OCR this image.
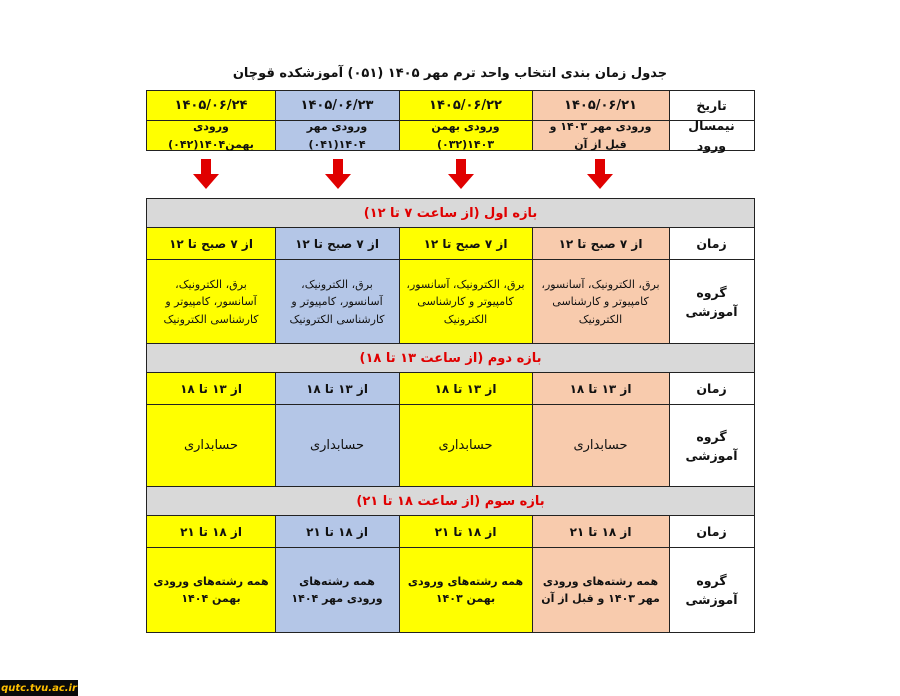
جدول زمان بندی انتخاب واحد ترم مهر ۱۴۰۵ (۰۵۱) آموزشکده قوچان
تاریخ
نیمسال ورود
۱۴۰۵/۰۶/۲۱
ورودی مهر ۱۴۰۳ و قبل از آن
۱۴۰۵/۰۶/۲۲
ورودی بهمن ۱۴۰۳(۰۳۲)
۱۴۰۵/۰۶/۲۳
ورودی مهر ۱۴۰۴(۰۴۱)
۱۴۰۵/۰۶/۲۴
ورودی بهمن۱۴۰۴(۰۴۲)
بازه اول (از ساعت ۷ تا ۱۲)
زمان
از ۷ صبح تا ۱۲
از ۷ صبح تا ۱۲
از ۷ صبح تا ۱۲
از ۷ صبح تا ۱۲
گروه آموزشی
برق، الکترونیک، آسانسور، کامپیوتر و کارشناسی الکترونیک
برق، الکترونیک، آسانسور، کامپیوتر و کارشناسی الکترونیک
برق، الکترونیک، آسانسور، کامپیوتر و کارشناسی الکترونیک
برق، الکترونیک، آسانسور، کامپیوتر و کارشناسی الکترونیک
بازه دوم (از ساعت ۱۳ تا ۱۸)
زمان
از ۱۳ تا ۱۸
از ۱۳ تا ۱۸
از ۱۳ تا ۱۸
از ۱۳ تا ۱۸
گروه آموزشی
حسابداری
حسابداری
حسابداری
حسابداری
بازه سوم (از ساعت ۱۸ تا ۲۱)
زمان
از ۱۸ تا ۲۱
از ۱۸ تا ۲۱
از ۱۸ تا ۲۱
از ۱۸ تا ۲۱
گروه آموزشی
همه رشته‌های ورودی مهر ۱۴۰۳ و قبل از آن
همه رشته‌های ورودی بهمن ۱۴۰۳
همه رشته‌های ورودی مهر ۱۴۰۴
همه رشته‌های ورودی بهمن ۱۴۰۴
qutc.tvu.ac.ir
